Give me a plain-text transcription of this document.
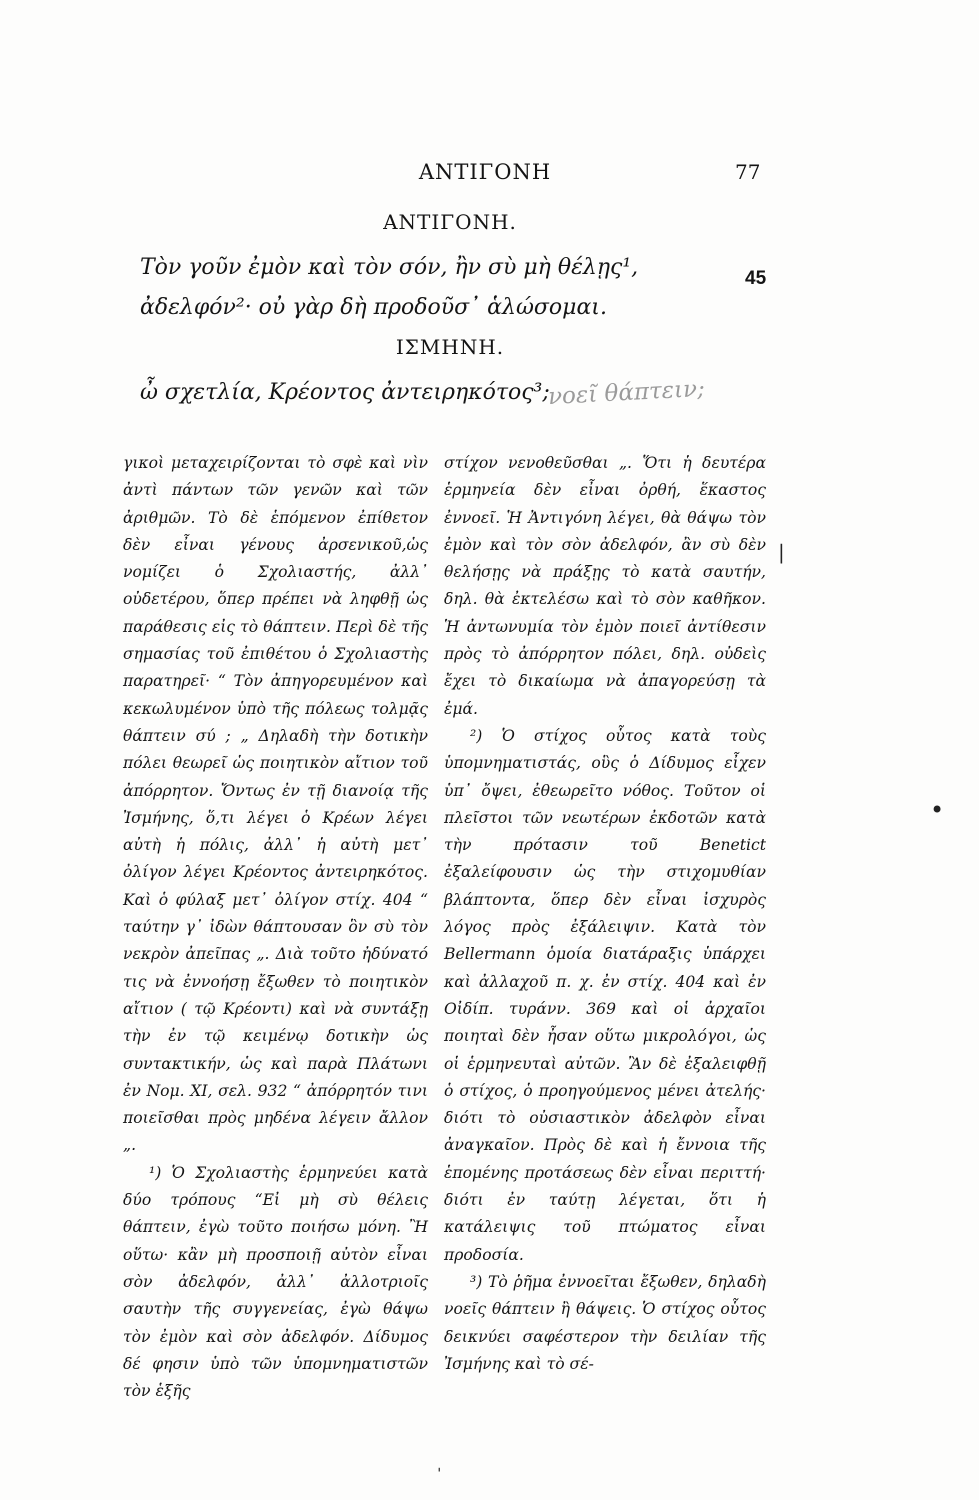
ΑΝΤΙΓΟΝΗ	77
ΑΝΤΙΓΟΝΗ.
Τὸν γοῦν ἐμὸν καὶ τὸν σόν, ἢν σὺ μὴ θέλῃς¹,
ἀδελφόν²· οὐ γὰρ δὴ προδοῦσ᾽ ἁλώσομαι.
45
ΙΣΜΗΝΗ.
ὦ σχετλία, Κρέοντος ἀντειρηκότος³;
νοεῖ θάπτειν;

γικοὶ μεταχειρίζονται τὸ σφὲ καὶ νὶν ἀντὶ πάντων τῶν γενῶν καὶ τῶν ἀριθμῶν. Τὸ δὲ ἑπόμενον ἐπίθετον δὲν εἶναι γένους ἀρσενικοῦ,ὡς νομίζει ὁ Σχολιαστής, ἀλλ᾽ οὐδετέρου, ὅπερ πρέπει νὰ ληφθῇ ὡς παράθεσις εἰς τὸ θάπτειν. Περὶ δὲ τῆς σημασίας τοῦ ἐπιθέτου ὁ Σχολιαστὴς παρατηρεῖ· “ Τὸν ἀπηγορευμένον καὶ κεκωλυμένον ὑπὸ τῆς πόλεως τολμᾷς θάπτειν σύ ; „ Δηλαδὴ τὴν δοτικὴν πόλει θεωρεῖ ὡς ποιητικὸν αἴτιον τοῦ ἀπόρρητον. Ὄντως ἐν τῇ διανοίᾳ τῆς Ἰσμήνης, ὅ,τι λέγει ὁ Κρέων λέγει αὐτὴ ἡ πόλις, ἀλλ᾽ ἡ αὐτὴ μετ᾽ ὀλίγον λέγει Κρέοντος ἀντειρηκότος. Καὶ ὁ φύλαξ μετ᾽ ὀλίγον στίχ. 404 “ ταύτην γ᾽ ἰδὼν θάπτουσαν ὃν σὺ τὸν νεκρὸν ἀπεῖπας „. Διὰ τοῦτο ἠδύνατό τις νὰ ἐννοήσῃ ἔξωθεν τὸ ποιητικὸν αἴτιον ( τῷ Κρέοντι) καὶ νὰ συντάξῃ τὴν ἐν τῷ κειμένῳ δοτικὴν ὡς συντακτικήν, ὡς καὶ παρὰ Πλάτωνι ἐν Νομ. XI, σελ. 932 “ ἀπόρρητόν τινι ποιεῖσθαι πρὸς μηδένα λέγειν ἄλλον „.

¹) Ὁ Σχολιαστὴς ἑρμηνεύει κατὰ δύο τρόπους “Εἰ μὴ σὺ θέλεις θάπτειν, ἐγὼ τοῦτο ποιήσω μόνη. Ἢ οὕτω· κἂν μὴ προσποιῇ αὐτὸν εἶναι σὸν ἀδελφόν, ἀλλ᾽ ἀλλοτριοῖς σαυτὴν τῆς συγγενείας, ἐγὼ θάψω τὸν ἐμὸν καὶ σὸν ἀδελφόν. Δίδυμος δέ φησιν ὑπὸ τῶν ὑπομνηματιστῶν τὸν ἑξῆς

στίχον νενοθεῦσθαι „. Ὅτι ἡ δευτέρα ἑρμηνεία δὲν εἶναι ὀρθή, ἕκαστος ἐννοεῖ. Ἡ Ἀντιγόνη λέγει, θὰ θάψω τὸν ἐμὸν καὶ τὸν σὸν ἀδελφόν, ἂν σὺ δὲν θελήσῃς νὰ πράξῃς τὸ κατὰ σαυτήν, δηλ. θὰ ἐκτελέσω καὶ τὸ σὸν καθῆκον. Ἡ ἀντωνυμία τὸν ἐμὸν ποιεῖ ἀντίθεσιν πρὸς τὸ ἀπόρρητον πόλει, δηλ. οὐδεὶς ἔχει τὸ δικαίωμα νὰ ἀπαγορεύσῃ τὰ ἐμά.

²) Ὁ στίχος οὗτος κατὰ τοὺς ὑπομνηματιστάς, οὓς ὁ Δίδυμος εἶχεν ὑπ᾽ ὄψει, ἐθεωρεῖτο νόθος. Τοῦτον οἱ πλεῖστοι τῶν νεωτέρων ἐκδοτῶν κατὰ τὴν πρότασιν τοῦ Benetict ἐξαλείφουσιν ὡς τὴν στιχομυθίαν βλάπτοντα, ὅπερ δὲν εἶναι ἰσχυρὸς λόγος πρὸς ἐξάλειψιν. Κατὰ τὸν Bellermann ὁμοία διατάραξις ὑπάρχει καὶ ἀλλαχοῦ π. χ. ἐν στίχ. 404 καὶ ἐν Οἰδίπ. τυράνν. 369 καὶ οἱ ἀρχαῖοι ποιηταὶ δὲν ἦσαν οὕτω μικρολόγοι, ὡς οἱ ἑρμηνευταὶ αὐτῶν. Ἂν δὲ ἐξαλειφθῇ ὁ στίχος, ὁ προηγούμενος μένει ἀτελής· διότι τὸ οὐσιαστικὸν ἀδελφὸν εἶναι ἀναγκαῖον. Πρὸς δὲ καὶ ἡ ἔννοια τῆς ἑπομένης προτάσεως δὲν εἶναι περιττή· διότι ἐν ταύτῃ λέγεται, ὅτι ἡ κατάλειψις τοῦ πτώματος εἶναι προδοσία.

³) Τὸ ῥῆμα ἐννοεῖται ἔξωθεν, δηλαδὴ νοεῖς θάπτειν ἢ θάψεις. Ὁ στίχος οὗτος δεικνύει σαφέστερον τὴν δειλίαν τῆς Ἰσμήνης καὶ τὸ σέ-

|
•
ˈ
